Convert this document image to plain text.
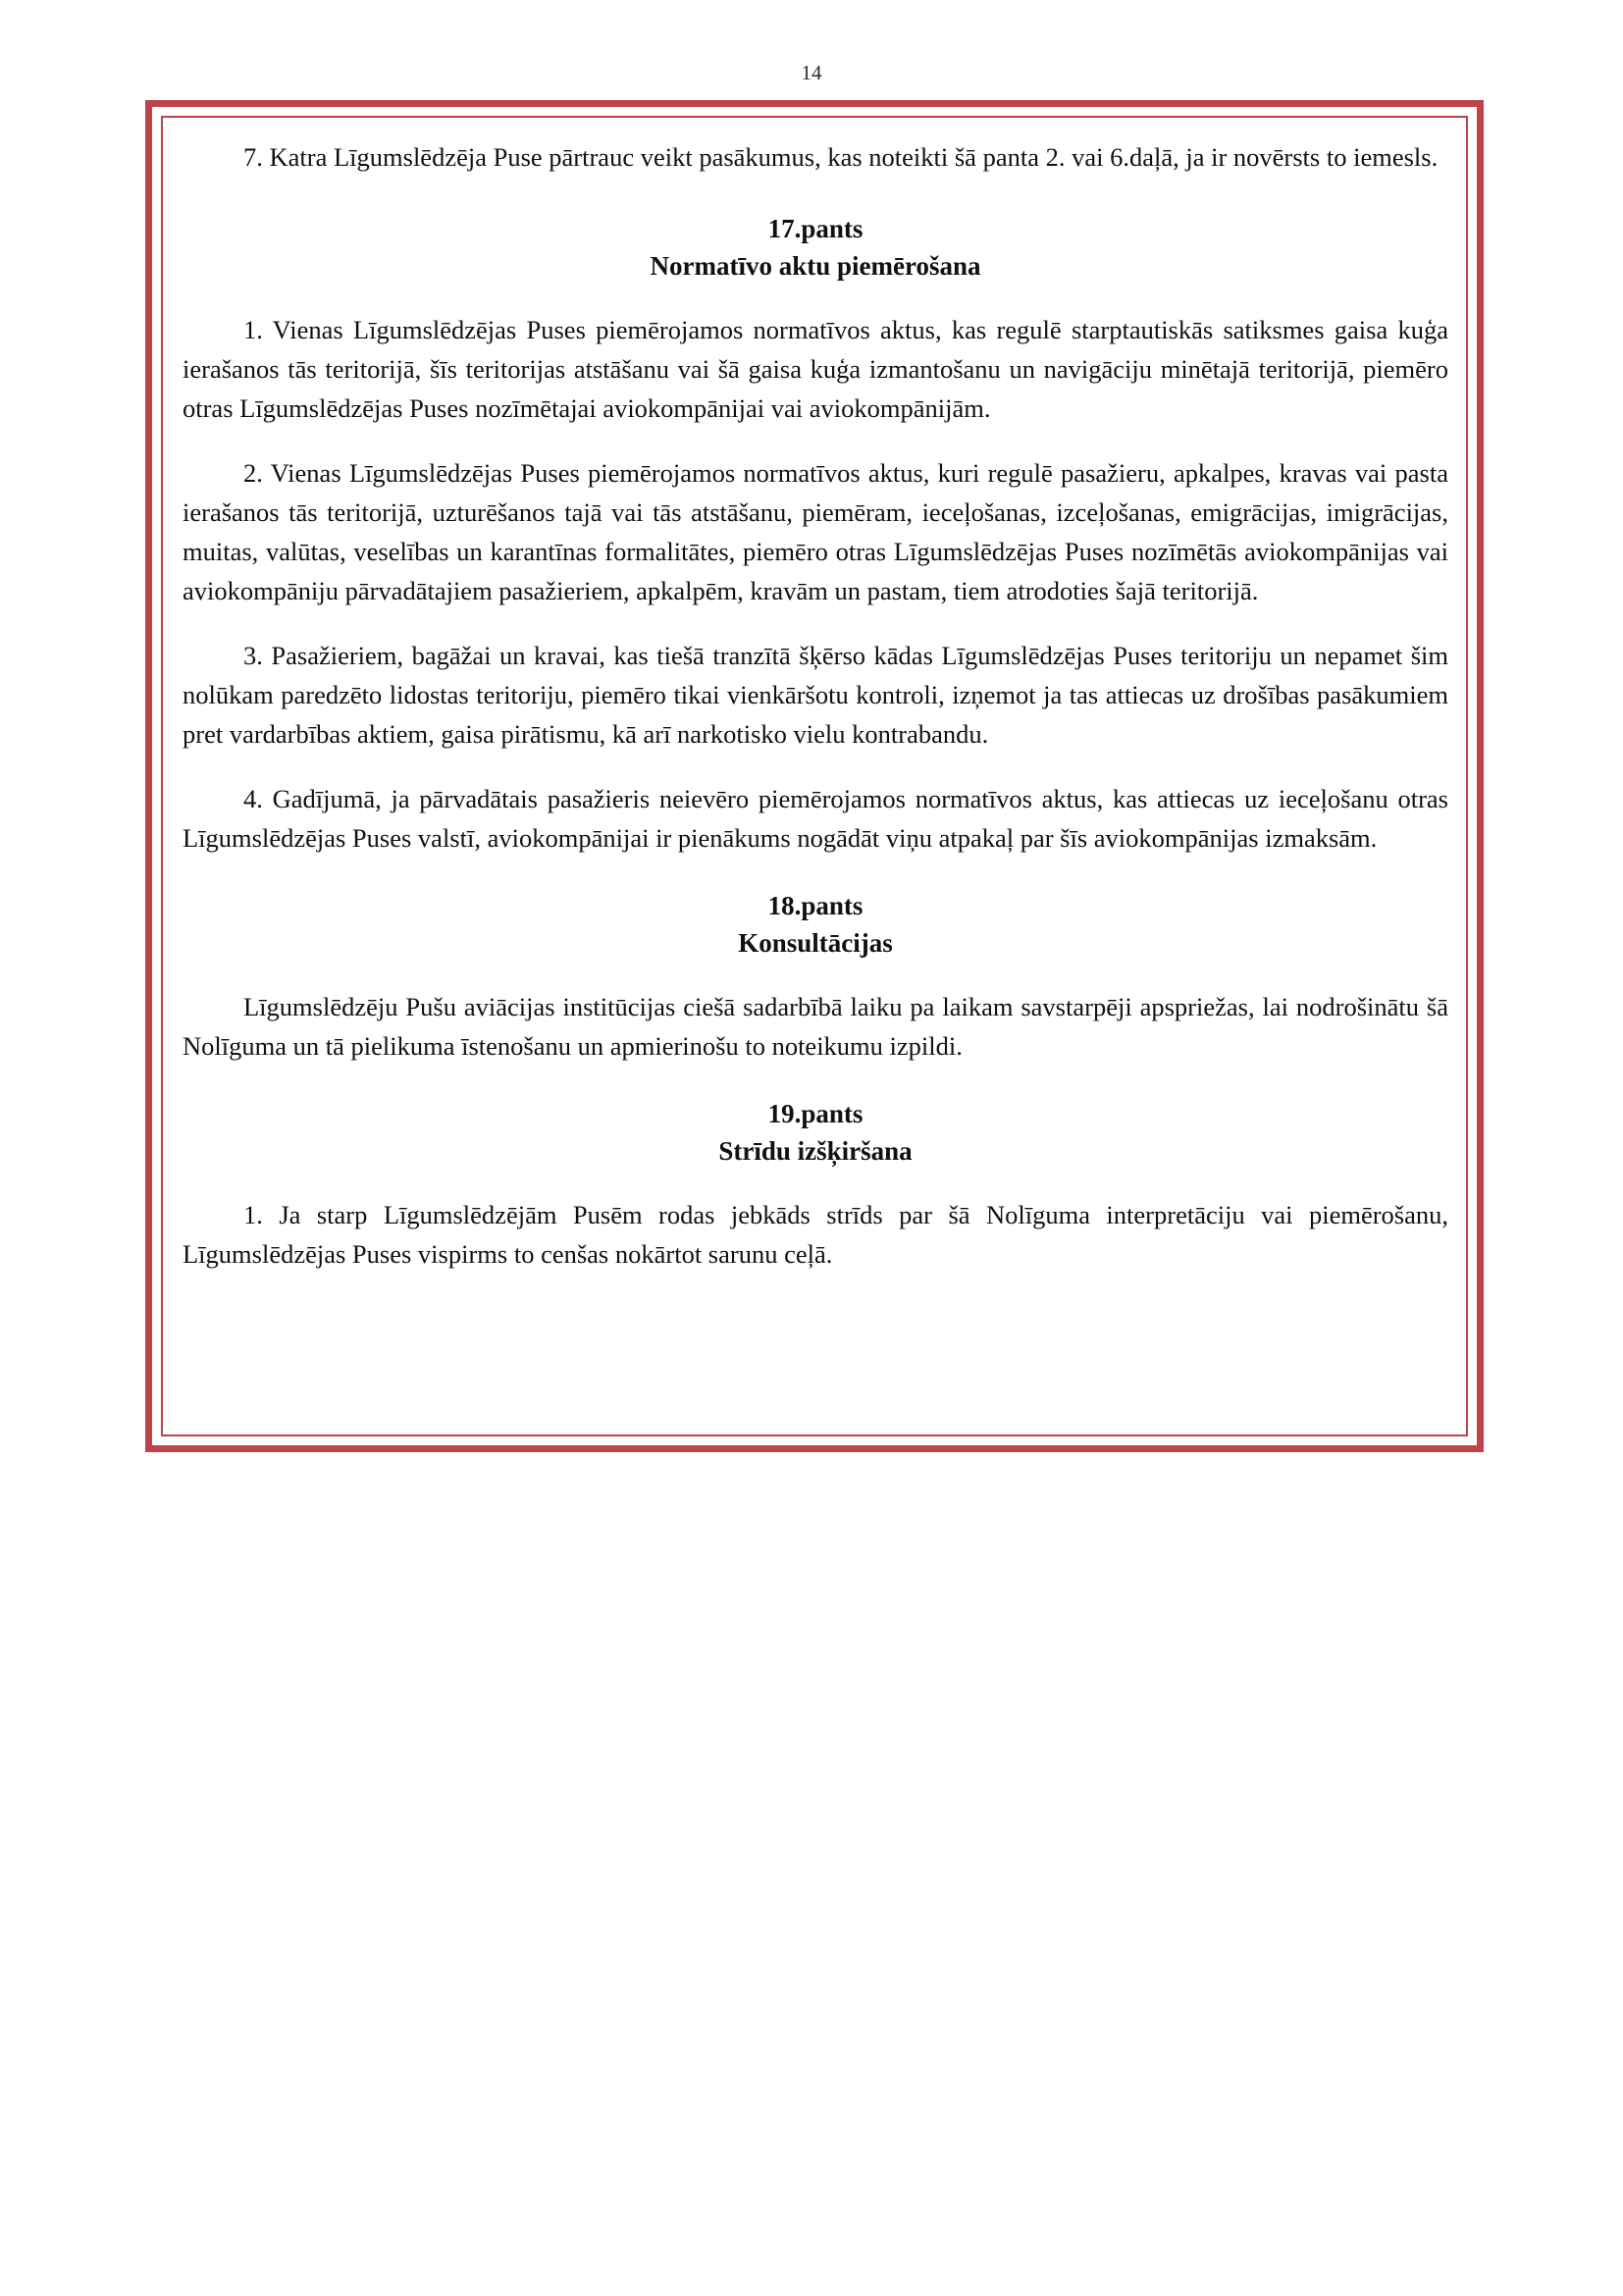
14

7. Katra Līgumslēdzēja Puse pārtrauc veikt pasākumus, kas noteikti šā panta 2. vai 6.daļā, ja ir novērsts to iemesls.

17.pants
Normatīvo aktu piemērošana

1. Vienas Līgumslēdzējas Puses piemērojamos normatīvos aktus, kas regulē starptautiskās satiksmes gaisa kuģa ierašanos tās teritorijā, šīs teritorijas atstāšanu vai šā gaisa kuģa izmantošanu un navigāciju minētajā teritorijā, piemēro otras Līgumslēdzējas Puses nozīmētajai aviokompānijai vai aviokompānijām.

2. Vienas Līgumslēdzējas Puses piemērojamos normatīvos aktus, kuri regulē pasažieru, apkalpes, kravas vai pasta ierašanos tās teritorijā, uzturēšanos tajā vai tās atstāšanu, piemēram, ieceļošanas, izceļošanas, emigrācijas, imigrācijas, muitas, valūtas, veselības un karantīnas formalitātes, piemēro otras Līgumslēdzējas Puses nozīmētās aviokompānijas vai aviokompāniju pārvadātajiem pasažieriem, apkalpēm, kravām un pastam, tiem atrodoties šajā teritorijā.

3. Pasažieriem, bagāžai un kravai, kas tiešā tranzītā šķērso kādas Līgumslēdzējas Puses teritoriju un nepamet šim nolūkam paredzēto lidostas teritoriju, piemēro tikai vienkāršotu kontroli, izņemot ja tas attiecas uz drošības pasākumiem pret vardarbības aktiem, gaisa pirātismu, kā arī narkotisko vielu kontrabandu.

4. Gadījumā, ja pārvadātais pasažieris neievēro piemērojamos normatīvos aktus, kas attiecas uz ieceļošanu otras Līgumslēdzējas Puses valstī, aviokompānijai ir pienākums nogādāt viņu atpakaļ par šīs aviokompānijas izmaksām.

18.pants
Konsultācijas

Līgumslēdzēju Pušu aviācijas institūcijas ciešā sadarbībā laiku pa laikam savstarpēji apspriežas, lai nodrošinātu šā Nolīguma un tā pielikuma īstenošanu un apmierinošu to noteikumu izpildi.

19.pants
Strīdu izšķiršana

1. Ja starp Līgumslēdzējām Pusēm rodas jebkāds strīds par šā Nolīguma interpretāciju vai piemērošanu, Līgumslēdzējas Puses vispirms to cenšas nokārtot sarunu ceļā.
